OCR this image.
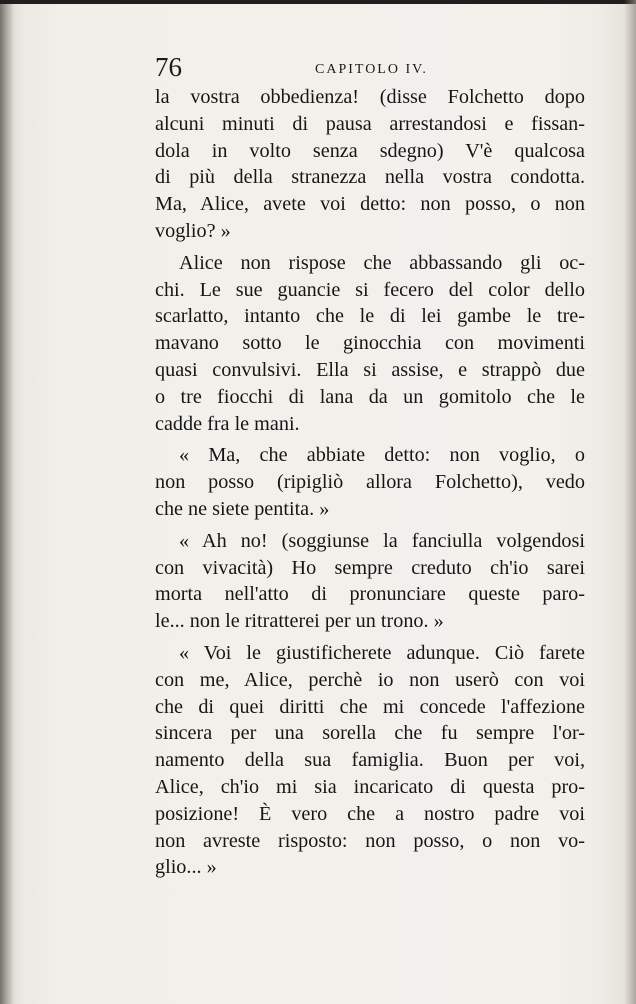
76	CAPITOLO IV.

la vostra obbedienza! (disse Folchetto dopo
alcuni minuti di pausa arrestandosi e fissan-
dola in volto senza sdegno) V'è qualcosa
di più della stranezza nella vostra condotta.
Ma, Alice, avete voi detto: non posso, o non
voglio? »

Alice non rispose che abbassando gli oc-
chi. Le sue guancie si fecero del color dello
scarlatto, intanto che le di lei gambe le tre-
mavano sotto le ginocchia con movimenti
quasi convulsivi. Ella si assise, e strappò due
o tre fiocchi di lana da un gomitolo che le
cadde fra le mani.

« Ma, che abbiate detto: non voglio, o
non posso (ripigliò allora Folchetto), vedo
che ne siete pentita. »

« Ah no! (soggiunse la fanciulla volgendosi
con vivacità) Ho sempre creduto ch'io sarei
morta nell'atto di pronunciare queste paro-
le... non le ritratterei per un trono. »

« Voi le giustificherete adunque. Ciò farete
con me, Alice, perchè io non userò con voi
che di quei diritti che mi concede l'affezione
sincera per una sorella che fu sempre l'or-
namento della sua famiglia. Buon per voi,
Alice, ch'io mi sia incaricato di questa pro-
posizione! È vero che a nostro padre voi
non avreste risposto: non posso, o non vo-
glio... »
